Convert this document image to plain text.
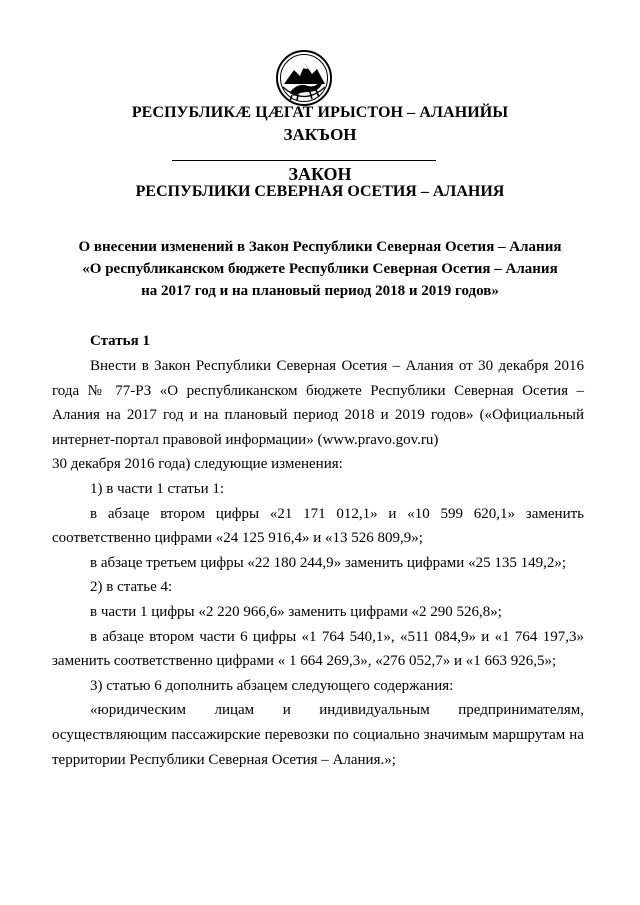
РЕСПУБЛИКÆ ЦÆГАТ ИРЫСТОН – АЛАНИЙЫ
ЗАКЪОН
ЗАКОН
РЕСПУБЛИКИ СЕВЕРНАЯ ОСЕТИЯ – АЛАНИЯ
О внесении изменений в Закон Республики Северная Осетия – Алания
«О республиканском бюджете Республики Северная Осетия – Алания
на 2017 год и на плановый период 2018 и 2019 годов»
Статья 1

Внести в Закон Республики Северная Осетия – Алания от 30 декабря 2016 года № 77-РЗ «О республиканском бюджете Республики Северная Осетия – Алания на 2017 год и на плановый период 2018 и 2019 годов» («Официальный интернет-портал правовой информации» (www.pravo.gov.ru)

30 декабря 2016 года) следующие изменения:

1) в части 1 статьи 1:

в абзаце втором цифры «21 171 012,1» и «10 599 620,1» заменить соответственно цифрами «24 125 916,4» и «13 526 809,9»;

в абзаце третьем цифры «22 180 244,9» заменить цифрами «25 135 149,2»;

2) в статье 4:

в части 1 цифры «2 220 966,6» заменить цифрами «2 290 526,8»;

в абзаце втором части 6 цифры «1 764 540,1», «511 084,9» и «1 764 197,3» заменить соответственно цифрами « 1 664 269,3», «276 052,7» и «1 663 926,5»;

3) статью 6 дополнить абзацем следующего содержания:

«юридическим лицам и индивидуальным предпринимателям, осуществляющим пассажирские перевозки по социально значимым маршрутам на территории Республики Северная Осетия – Алания.»;
